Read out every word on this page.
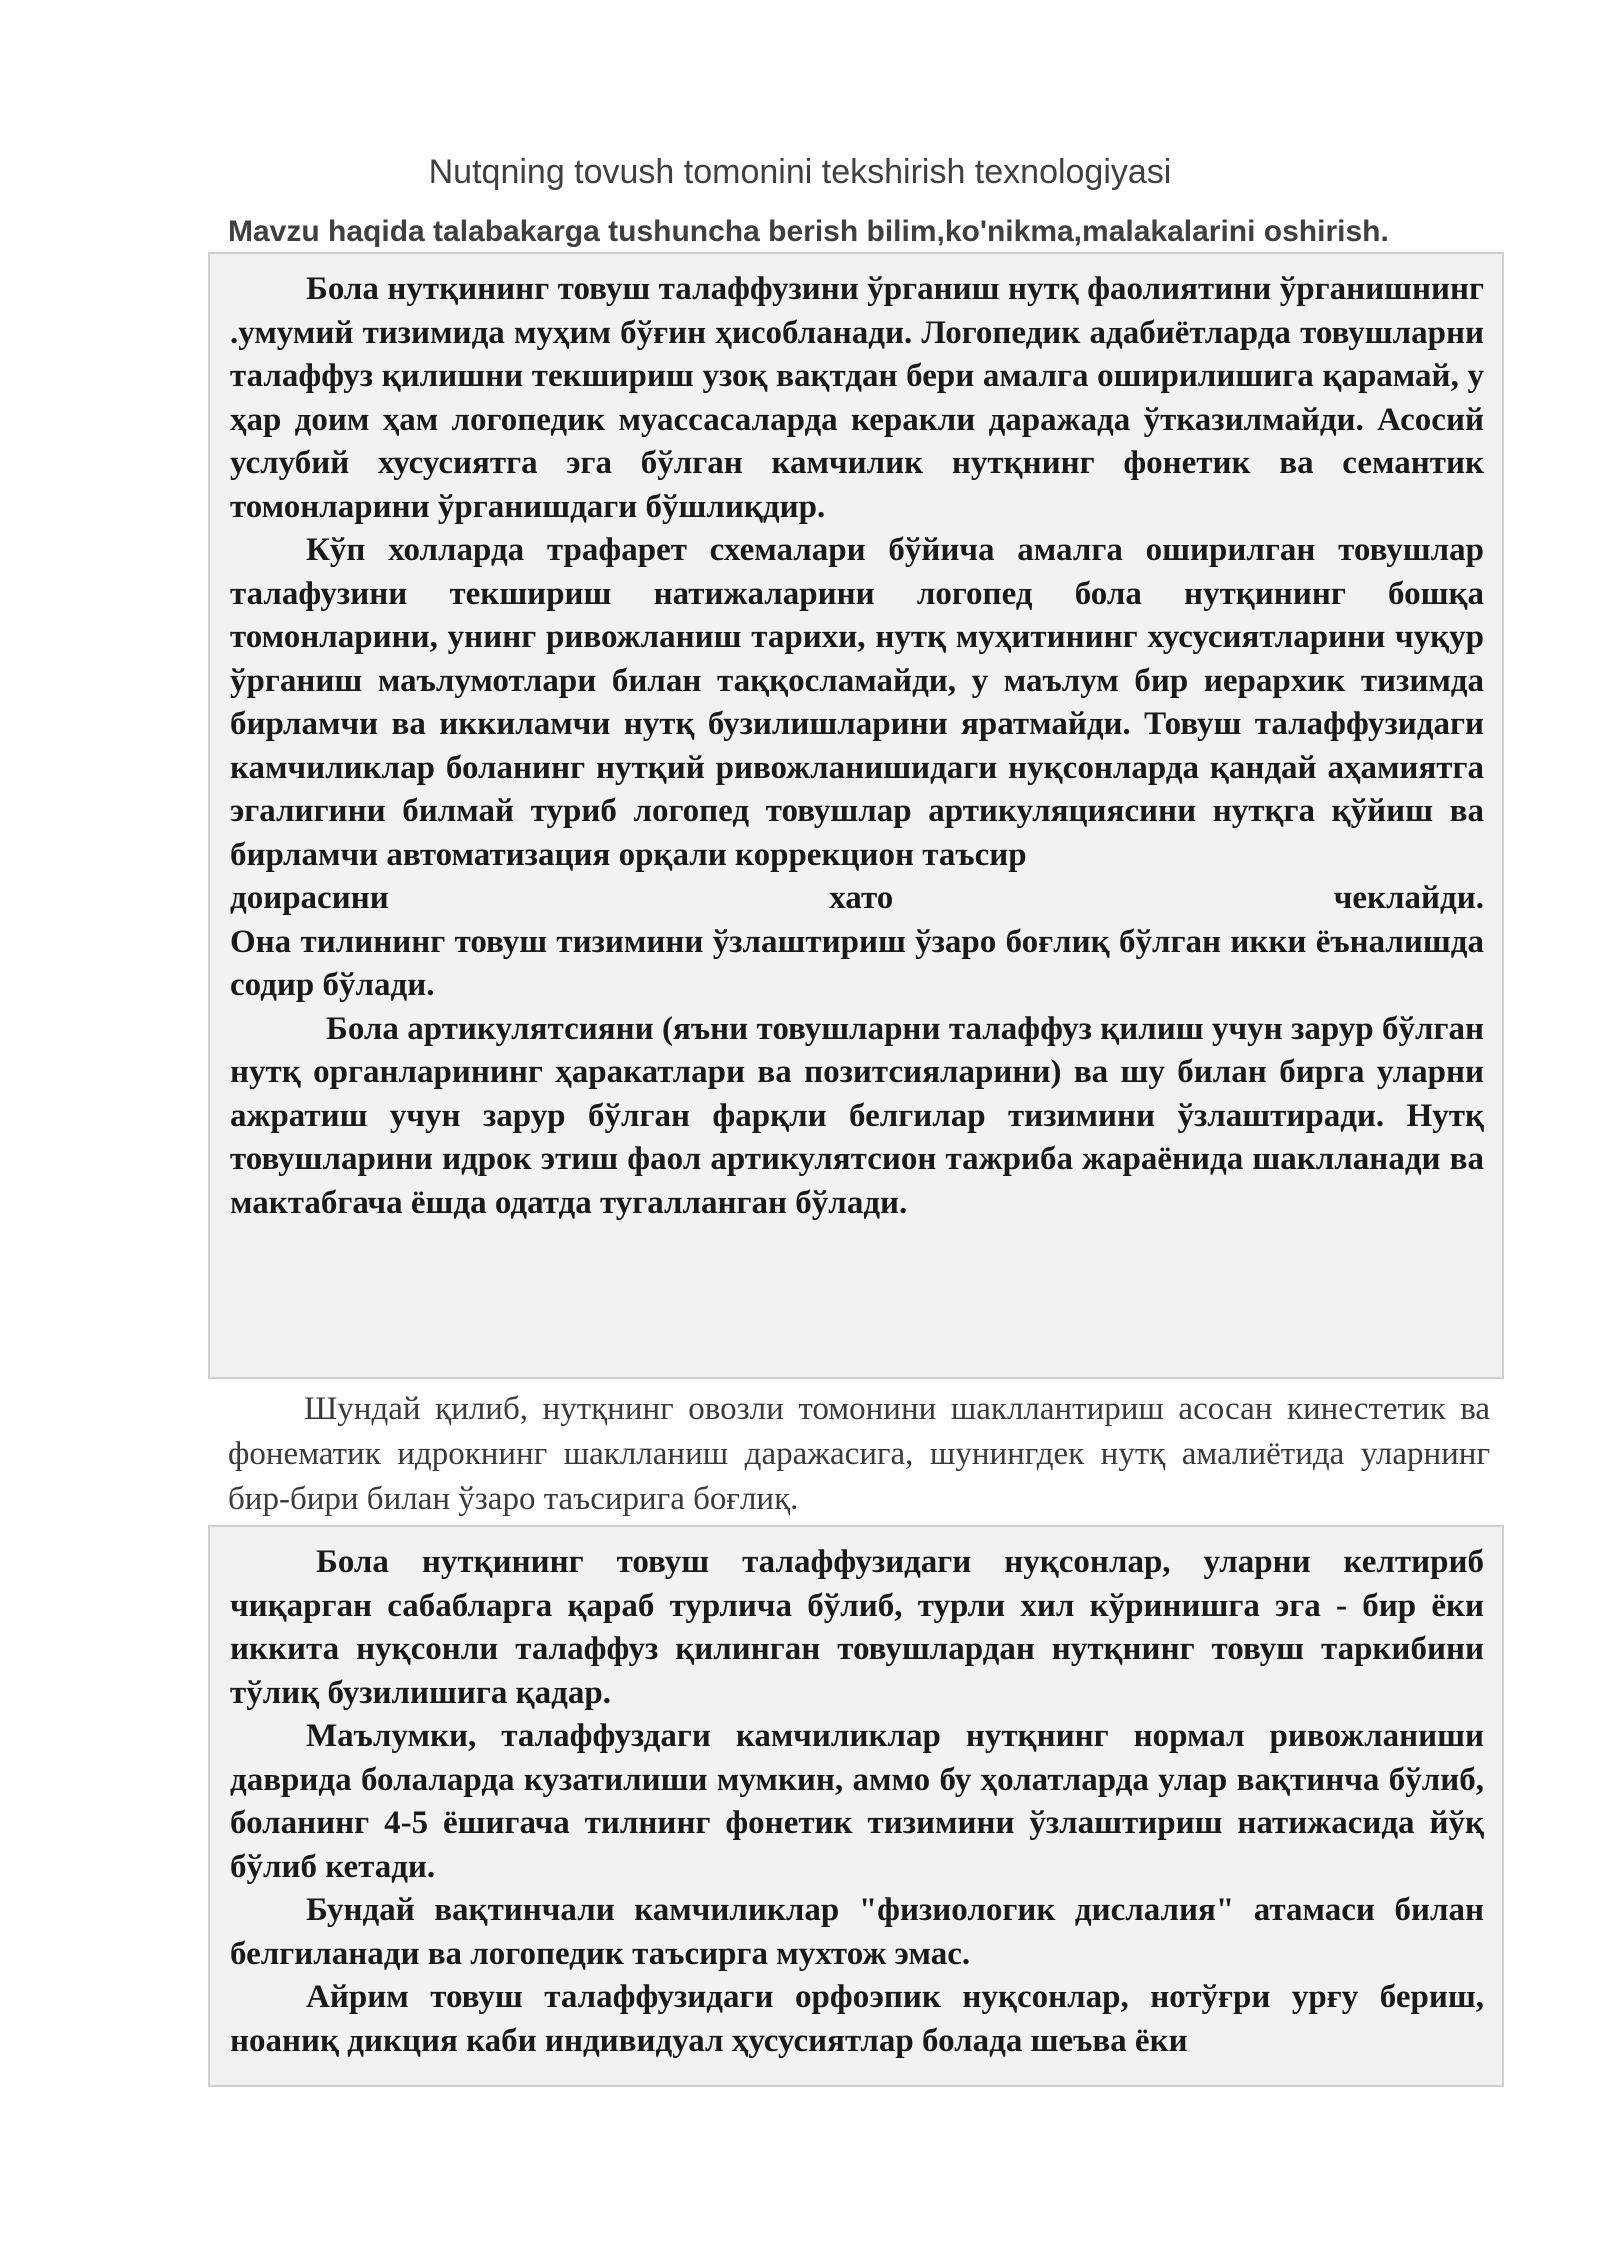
Nutqning tovush tomonini tekshirish texnologiyasi
Mavzu haqida talabakarga tushuncha berish bilim,ko'nikma,malakalarini oshirish.

Бола нутқининг товуш талаффузини ўрганиш нутқ фаолиятини ўрганишнинг .умумий тизимида муҳим бўғин ҳисобланади. Логопедик адабиётларда товушларни талаффуз қилишни текшириш узоқ вақтдан бери амалга оширилишига қарамай, у ҳар доим ҳам логопедик муассасаларда керакли даражада ўтказилмайди. Асосий услубий хусусиятга эга бўлган камчилик нутқнинг фонетик ва семантик томонларини ўрганишдаги бўшлиқдир.

Кўп холларда трафарет схемалари бўйича амалга оширилган товушлар талафузини текшириш натижаларини логопед бола нутқининг бошқа томонларини, унинг ривожланиш тарихи, нутқ муҳитининг хусусиятларини чуқур ўрганиш маълумотлари билан таққосламайди, у маълум бир иерархик тизимда бирламчи ва иккиламчи нутқ бузилишларини яратмайди. Товуш талаффузидаги камчиликлар боланинг нутқий ривожланишидаги нуқсонларда қандай аҳамиятга эгалигини билмай туриб логопед товушлар артикуляциясини нутқга қўйиш ва бирламчи автоматизация орқали коррекцион таъсир

доирасини	хато	чеклайди.

Она тилининг товуш тизимини ўзлаштириш ўзаро боғлиқ бўлган икки ёъналишда содир бўлади.

Бола артикулятсияни (яъни товушларни талаффуз қилиш учун зарур бўлган нутқ органларининг ҳаракатлари ва позитсияларини) ва шу билан бирга уларни ажратиш учун зарур бўлган фарқли белгилар тизимини ўзлаштиради. Нутқ товушларини идрок этиш фаол артикулятсион тажриба жараёнида шаклланади ва мактабгача ёшда одатда тугалланган бўлади.

Шундай қилиб, нутқнинг овозли томонини шакллантириш асосан кинестетик ва фонематик идрокнинг шаклланиш даражасига, шунингдек нутқ амалиётида уларнинг бир-бири билан ўзаро таъсирига боғлиқ.

Бола нутқининг товуш талаффузидаги нуқсонлар, уларни келтириб чиқарган сабабларга қараб турлича бўлиб, турли хил кўринишга эга - бир ёки иккита нуқсонли талаффуз қилинган товушлардан нутқнинг товуш таркибини тўлиқ бузилишига қадар.

Маълумки, талаффуздаги камчиликлар нутқнинг нормал ривожланиши даврида болаларда кузатилиши мумкин, аммо бу ҳолатларда улар вақтинча бўлиб, боланинг 4-5 ёшигача тилнинг фонетик тизимини ўзлаштириш натижасида йўқ бўлиб кетади.

Бундай вақтинчали камчиликлар "физиологик дислалия" атамаси билан белгиланади ва логопедик таъсирга мухтож эмас.

Айрим товуш талаффузидаги орфоэпик нуқсонлар, нотўғри урғу бериш, ноаниқ дикция каби индивидуал ҳусусиятлар болада шеъва ёки
